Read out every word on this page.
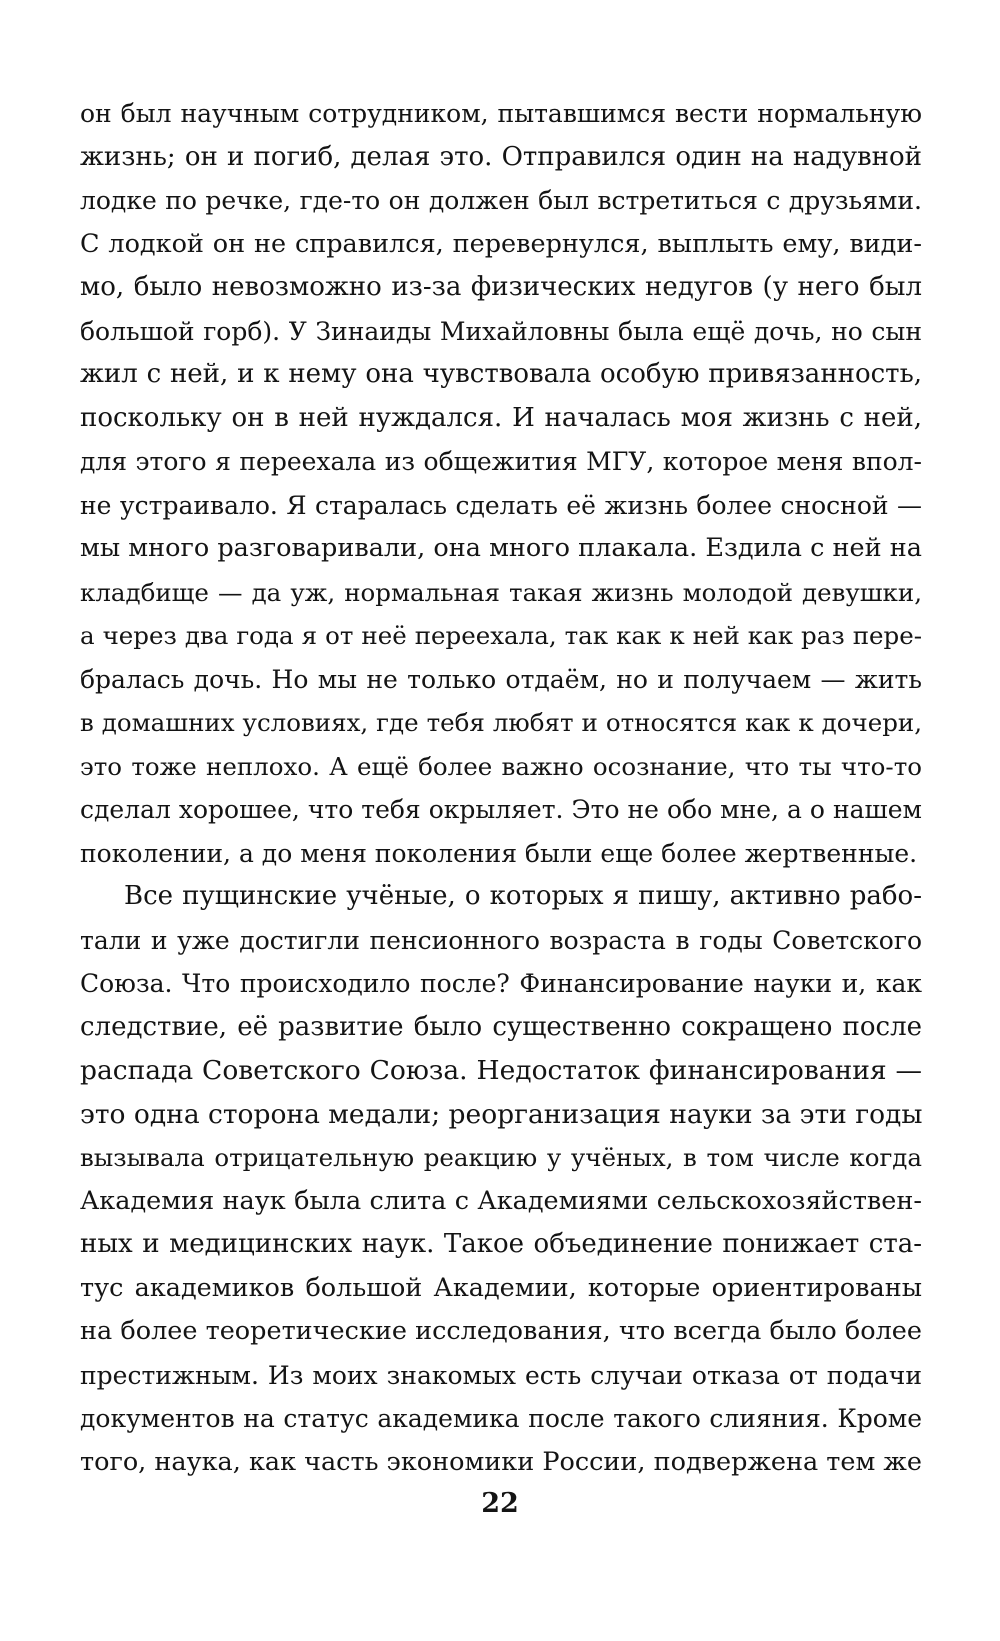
он был научным сотрудником, пытавшимся вести нормальную
жизнь; он и погиб, делая это. Отправился один на надувной
лодке по речке, где-то он должен был встретиться с друзьями.
С лодкой он не справился, перевернулся, выплыть ему, види-
мо, было невозможно из-за физических недугов (у него был
большой горб). У Зинаиды Михайловны была ещё дочь, но сын
жил с ней, и к нему она чувствовала особую привязанность,
поскольку он в ней нуждался. И началась моя жизнь с ней,
для этого я переехала из общежития МГУ, которое меня впол-
не устраивало. Я старалась сделать её жизнь более сносной —
мы много разговаривали, она много плакала. Ездила с ней на
кладбище — да уж, нормальная такая жизнь молодой девушки,
а через два года я от неё переехала, так как к ней как раз пере-
бралась дочь. Но мы не только отдаём, но и получаем — жить
в домашних условиях, где тебя любят и относятся как к дочери,
это тоже неплохо. А ещё более важно осознание, что ты что-то
сделал хорошее, что тебя окрыляет. Это не обо мне, а о нашем
поколении, а до меня поколения были еще более жертвенные.
Все пущинские учёные, о которых я пишу, активно рабо-
тали и уже достигли пенсионного возраста в годы Советского
Союза. Что происходило после? Финансирование науки и, как
следствие, её развитие было существенно сокращено после
распада Советского Союза. Недостаток финансирования —
это одна сторона медали; реорганизация науки за эти годы
вызывала отрицательную реакцию у учёных, в том числе когда
Академия наук была слита с Академиями сельскохозяйствен-
ных и медицинских наук. Такое объединение понижает ста-
тус академиков большой Академии, которые ориентированы
на более теоретические исследования, что всегда было более
престижным. Из моих знакомых есть случаи отказа от подачи
документов на статус академика после такого слияния. Кроме
того, наука, как часть экономики России, подвержена тем же
22
